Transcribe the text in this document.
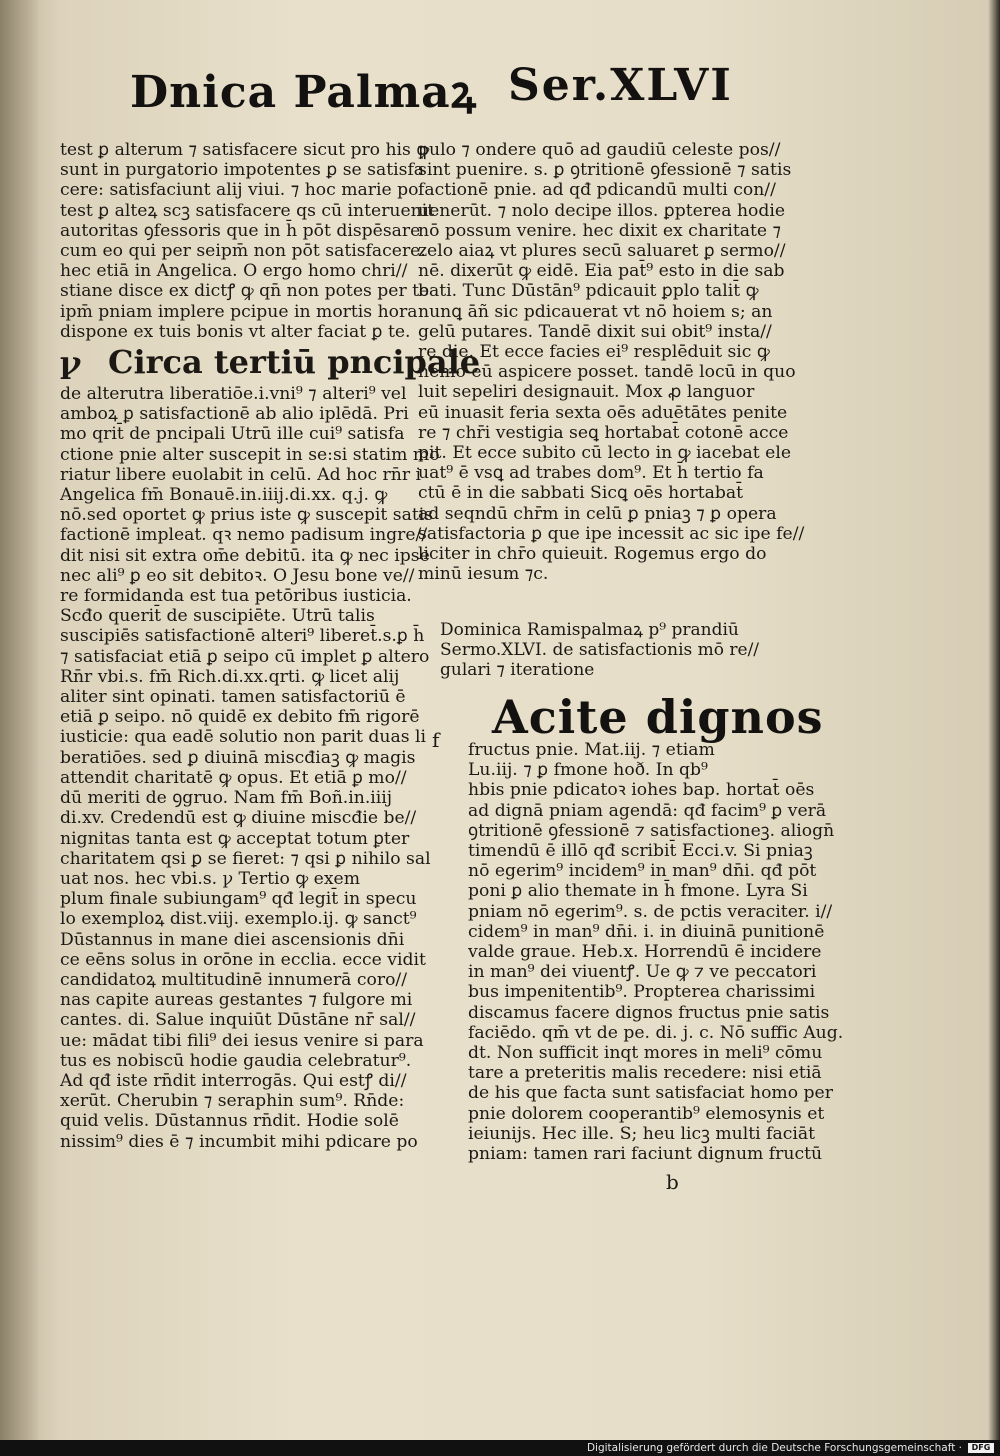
Dnica Palmaꝝ Ser.XLVI

test ꝑ alterum ⁊ satisfacere sicut pro his ꝙ

sunt in purgatorio impotentes ꝑ se satisfa

cere: satisfaciunt alij viui. ⁊ hoc marie po

test ꝑ alteꝝ scꝫ satisfacere qs cū interuenit

autoritas ꝯfessoris que in h̄ pōt dispēsare

cum eo qui per seipm̄ non pōt satisfacere.

hec etiā in Angelica. O ergo homo chri//

stiane disce ex dictꝭ ꝙ qn̄ non potes per te

ipm̄ pniam implere pcipue in mortis hora

dispone ex tuis bonis vt alter faciat ꝑ te.

ꝩ Circa tertiū pncipale

de alterutra liberatiōe.i.vni⁹ ⁊ alteri⁹ vel

amboꝝ ꝑ satisfactionē ab alio iplēdā. Pri

mo qrit̄ de pncipali Utrū ille cui⁹ satisfa

ctione pnie alter suscepit in se:si statim mo

riatur libere euolabit in celū. Ad hoc rn̄r i

Angelica fm̄ Bonauē.in.iiij.di.xx. q.j. ꝙ

nō.sed oportet ꝙ prius iste ꝙ suscepit satis

factionē impleat. qꝛ nemo padisum ingre//

dit nisi sit extra om̄e debitū. ita ꝙ nec ipse

nec ali⁹ ꝑ eo sit debitoꝛ. O Jesu bone ve//

re formidanda est tua petōribus iusticia.

Scđo querit̄ de suscipiēte. Utrū talis

suscipiēs satisfactionē alteri⁹ liberet̄.s.ꝑ h̄

⁊ satisfaciat etiā ꝑ seipo cū implet ꝑ altero

Rn̄r vbi.s. fm̄ Rich.di.xx.qrti. ꝙ licet alij

aliter sint opinati. tamen satisfactoriū ē

etiā ꝑ seipo. nō quidē ex debito fm̄ rigorē

iusticie: qua eadē solutio non parit duas li

beratiōes. sed ꝑ diuinā miscđiaꝫ ꝙ magis

attendit charitatē ꝙ opus. Et etiā ꝑ mo//

dū meriti de ꝯgruo. Nam fm̄ Boñ.in.iiij

di.xv. Credendū est ꝙ diuine miscđie be//

nignitas tanta est ꝙ acceptat totum ꝑter

charitatem qsi ꝑ se fieret: ⁊ qsi ꝑ nihilo sal

uat nos. hec vbi.s. ꝩ Tertio ꝙ exem

plum finale subiungam⁹ qđ legit̄ in specu

lo exemploꝝ dist.viij. exemplo.ij. ꝙ sanct⁹

Dūstannus in mane diei ascensionis dn̄i

ce eēns solus in orōne in ecclia. ecce vidit

candidatoꝝ multitudinē innumerā coro//

nas capite aureas gestantes ⁊ fulgore mi

cantes. di. Salue inquiūt Dūstāne nr̄ sal//

ue: mādat tibi fili⁹ dei iesus venire si para

tus es nobiscū hodie gaudia celebratur⁹.

Ad qđ iste rn̄dit interrogās. Qui estꝭ di//

xerūt. Cherubin ⁊ seraphin sum⁹. Rn̄de:

quid velis. Dūstannus rn̄dit. Hodie solē

nissim⁹ dies ē ⁊ incumbit mihi pdicare po

pulo ⁊ ondere quō ad gaudiū celeste pos//

sint puenire. s. ꝑ ꝯtritionē ꝯfessionē ⁊ satis

factionē pnie. ad qđ pdicandū multi con//

uenerūt. ⁊ nolo decipe illos. ꝑpterea hodie

nō possum venire. hec dixit ex charitate ⁊

zelo aiaꝝ vt plures secū saluaret ꝑ sermo//

nē. dixerūt ꝙ eidē. Eia pat̄⁹ esto in die sab

bati. Tunc Dūstān⁹ pdicauit ꝑplo talit̄ ꝙ

nunꝗ āñ sic pdicauerat vt nō hoiem s; an

gelū putares. Tandē dixit sui obit⁹ insta//

re die. Et ecce facies ei⁹ resplēduit sic ꝙ

nemo eū aspicere posset. tandē locū in quo

luit sepeliri designauit. Mox ꝓ languor

eū inuasit feria sexta oēs aduētātes penite

re ⁊ chr̄i vestigia seꝗ hortabat̄ cotonē acce

pit. Et ecce subito cū lecto in ꝙ iacebat ele

uat⁹ ē vsꝗ ad trabes dom⁹. Et h̄ tertio fa

ctū ē in die sabbati Sicꝗ oēs hortabat̄

ad seqndū chr̄m in celū ꝑ pniaꝫ ⁊ ꝑ opera

satisfactoria ꝑ que ipe incessit ac sic ipe fe//

liciter in chr̄o quieuit. Rogemus ergo do

minū iesum ⁊c.

Dominica Ramispalmaꝝ p⁹ prandiū

Sermo.XLVI. de satisfactionis mō re//

gulari ⁊ iteratione

Acite dignos
f fructus pnie. Mat.iij. ⁊ etiam

Lu.iij. ⁊ ꝑ fmone hoð. In qb⁹

hbis pnie pdicatoꝛ iohes bap. hortat̄ oēs

ad dignā pniam agendā: qđ facim⁹ ꝑ verā

ꝯtritionē ꝯfessionē ⁊ satisfactioneꝫ. aliogn̄

timendū ē illō qđ scribit̄ Ecci.v. Si pniaꝫ

nō egerim⁹ incidem⁹ in man⁹ dn̄i. qđ pōt

poni ꝑ alio themate in h̄ fmone. Lyra Si

pniam nō egerim⁹. s. de pctis veraciter. i//

cidem⁹ in man⁹ dn̄i. i. in diuinā punitionē

valde graue. Heb.x. Horrendū ē incidere

in man⁹ dei viuentꝭ. Ue ꝙ ⁊ ve peccatori

bus impenitentib⁹. Propterea charissimi

discamus facere dignos fructus pnie satis

faciēdo. qm̄ vt de pe. di. j. c. Nō suffic Aug.

dt. Non sufficit inqt mores in meli⁹ cōmu

tare a preteritis malis recedere: nisi etiā

de his que facta sunt satisfaciat homo per

pnie dolorem cooperantib⁹ elemosynis et

ieiunijs. Hec ille. S; heu licꝫ multi faciāt

pniam: tamen rari faciunt dignum fructū

b
Digitalisierung gefördert durch die Deutsche Forschungsgemeinschaft ·	DFG
